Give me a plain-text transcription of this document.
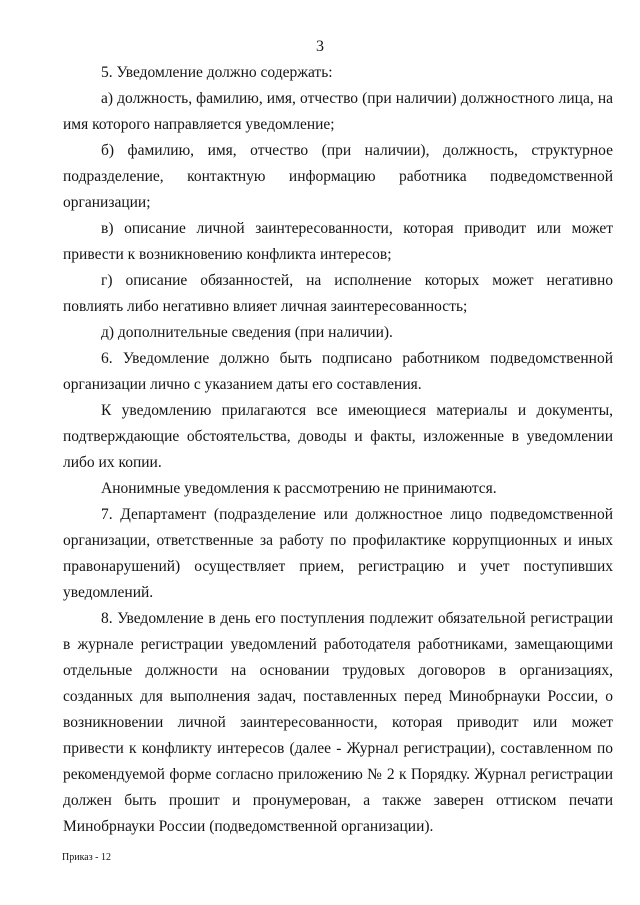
3

5. Уведомление должно содержать:

а) должность, фамилию, имя, отчество (при наличии) должностного лица, на имя которого направляется уведомление;

б) фамилию, имя, отчество (при наличии), должность, структурное подразделение, контактную информацию работника подведомственной организации;

в) описание личной заинтересованности, которая приводит или может привести к возникновению конфликта интересов;

г) описание обязанностей, на исполнение которых может негативно повлиять либо негативно влияет личная заинтересованность;

д) дополнительные сведения (при наличии).

6. Уведомление должно быть подписано работником подведомственной организации лично с указанием даты его составления.

К уведомлению прилагаются все имеющиеся материалы и документы, подтверждающие обстоятельства, доводы и факты, изложенные в уведомлении либо их копии.

Анонимные уведомления к рассмотрению не принимаются.

7. Департамент (подразделение или должностное лицо подведомственной организации, ответственные за работу по профилактике коррупционных и иных правонарушений) осуществляет прием, регистрацию и учет поступивших уведомлений.

8. Уведомление в день его поступления подлежит обязательной регистрации в журнале регистрации уведомлений работодателя работниками, замещающими отдельные должности на основании трудовых договоров в организациях, созданных для выполнения задач, поставленных перед Минобрнауки России, о возникновении личной заинтересованности, которая приводит или может привести к конфликту интересов (далее - Журнал регистрации), составленном по рекомендуемой форме согласно приложению № 2 к Порядку. Журнал регистрации должен быть прошит и пронумерован, а также заверен оттиском печати Минобрнауки России (подведомственной организации).

Приказ - 12
